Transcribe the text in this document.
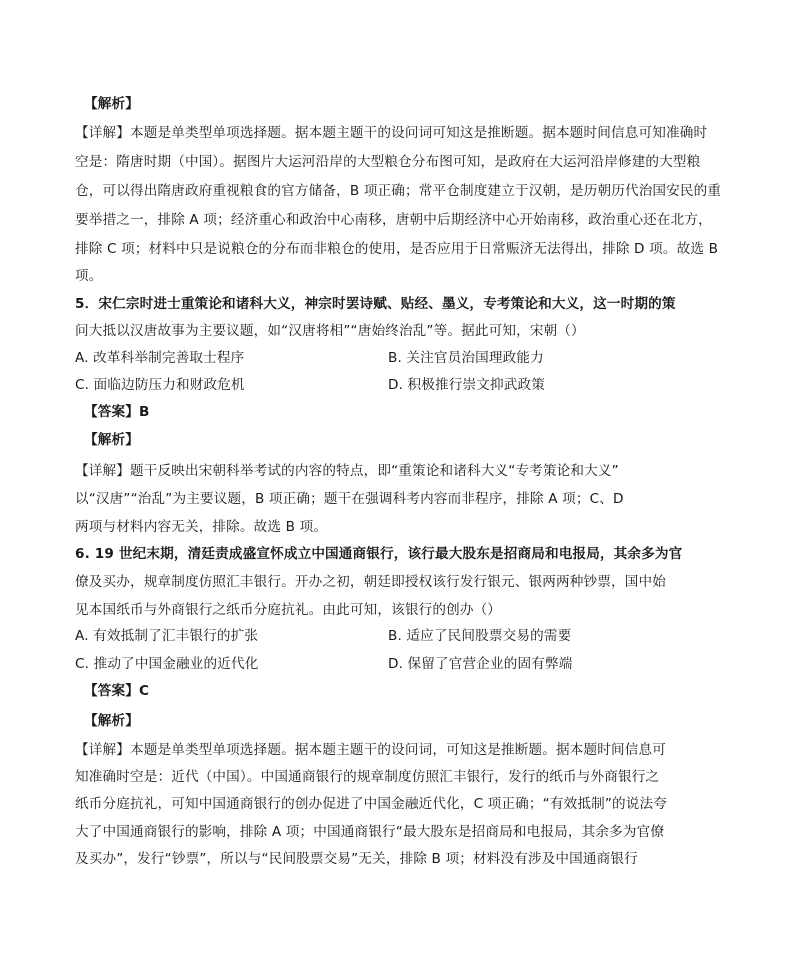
【解析】
【详解】本题是单类型单项选择题。据本题主题干的设问词可知这是推断题。据本题时间信息可知准确时
空是：隋唐时期（中国）。据图片大运河沿岸的大型粮仓分布图可知，是政府在大运河沿岸修建的大型粮
仓，可以得出隋唐政府重视粮食的官方储备，B 项正确；常平仓制度建立于汉朝，是历朝历代治国安民的重
要举措之一，排除 A 项；经济重心和政治中心南移，唐朝中后期经济中心开始南移，政治重心还在北方，
排除 C 项；材料中只是说粮仓的分布而非粮仓的使用，是否应用于日常赈济无法得出，排除 D 项。故选 B
项。
5．宋仁宗时进士重策论和诸科大义，神宗时罢诗赋、贴经、墨义，专考策论和大义，这一时期的策
问大抵以汉唐故事为主要议题，如“汉唐将相”“唐始终治乱”等。据此可知，宋朝（）
A. 改革科举制完善取士程序	B. 关注官员治国理政能力
C. 面临边防压力和财政危机	D. 积极推行崇文抑武政策
【答案】B
【解析】
【详解】题干反映出宋朝科举考试的内容的特点，即“重策论和诸科大义“专考策论和大义”
以“汉唐”“治乱”为主要议题，B 项正确；题干在强调科考内容而非程序，排除 A 项；C、D
两项与材料内容无关，排除。故选 B 项。
6. 19 世纪末期，清廷责成盛宣怀成立中国通商银行，该行最大股东是招商局和电报局，其余多为官
僚及买办，规章制度仿照汇丰银行。开办之初，朝廷即授权该行发行银元、银两两种钞票，国中始
见本国纸币与外商银行之纸币分庭抗礼。由此可知，该银行的创办（）
A. 有效抵制了汇丰银行的扩张	B. 适应了民间股票交易的需要
C. 推动了中国金融业的近代化	D. 保留了官营企业的固有弊端
【答案】C
【解析】
【详解】本题是单类型单项选择题。据本题主题干的设问词，可知这是推断题。据本题时间信息可
知准确时空是：近代（中国）。中国通商银行的规章制度仿照汇丰银行，发行的纸币与外商银行之
纸币分庭抗礼，可知中国通商银行的创办促进了中国金融近代化，C 项正确；“有效抵制”的说法夸
大了中国通商银行的影响，排除 A 项；中国通商银行“最大股东是招商局和电报局，其余多为官僚
及买办”，发行“钞票”，所以与“民间股票交易”无关，排除 B 项；材料没有涉及中国通商银行
